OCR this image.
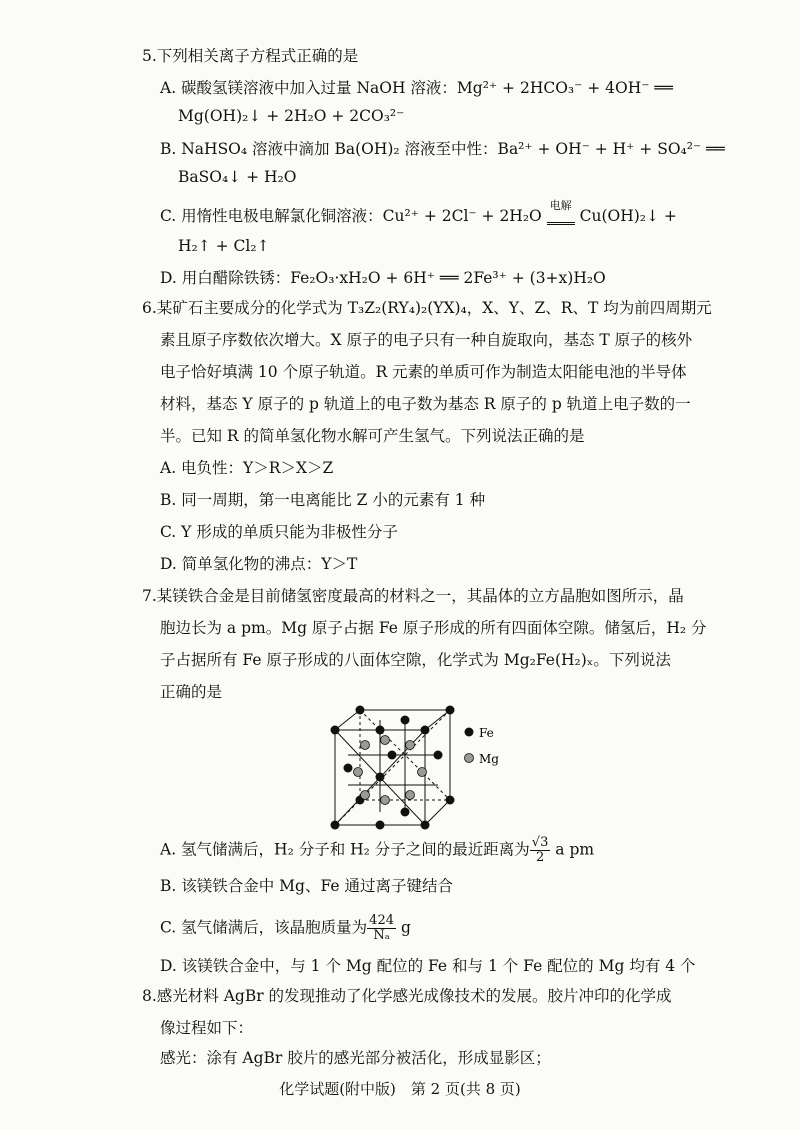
5.下列相关离子方程式正确的是
A. 碳酸氢镁溶液中加入过量 NaOH 溶液：Mg²⁺ + 2HCO₃⁻ + 4OH⁻ ══
Mg(OH)₂↓ + 2H₂O + 2CO₃²⁻
B. NaHSO₄ 溶液中滴加 Ba(OH)₂ 溶液至中性：Ba²⁺ + OH⁻ + H⁺ + SO₄²⁻ ══
BaSO₄↓ + H₂O
C. 用惰性电极电解氯化铜溶液：Cu²⁺ + 2Cl⁻ + 2H₂O $^{电解}$ Cu(OH)₂↓ +
H₂↑ + Cl₂↑
D. 用白醋除铁锈：Fe₂O₃·xH₂O + 6H⁺ ══ 2Fe³⁺ + (3+x)H₂O
6.某矿石主要成分的化学式为 T₃Z₂(RY₄)₂(YX)₄，X、Y、Z、R、T 均为前四周期元
素且原子序数依次增大。X 原子的电子只有一种自旋取向，基态 T 原子的核外
电子恰好填满 10 个原子轨道。R 元素的单质可作为制造太阳能电池的半导体
材料，基态 Y 原子的 p 轨道上的电子数为基态 R 原子的 p 轨道上电子数的一
半。已知 R 的简单氢化物水解可产生氢气。下列说法正确的是
A. 电负性：Y＞R＞X＞Z
B. 同一周期，第一电离能比 Z 小的元素有 1 种
C. Y 形成的单质只能为非极性分子
D. 简单氢化物的沸点：Y＞T
7.某镁铁合金是目前储氢密度最高的材料之一，其晶体的立方晶胞如图所示，晶
胞边长为 a pm。Mg 原子占据 Fe 原子形成的所有四面体空隙。储氢后，H₂ 分
子占据所有 Fe 原子形成的八面体空隙，化学式为 Mg₂Fe(H₂)ₓ。下列说法
正确的是
Fe
Mg
A. 氢气储满后，H₂ 分子和 H₂ 分子之间的最近距离为 $\frac{√3}{2}$ a pm
B. 该镁铁合金中 Mg、Fe 通过离子键结合
C. 氢气储满后，该晶胞质量为 $\frac{424}{\text{Nₐ}}$ g
D. 该镁铁合金中，与 1 个 Mg 配位的 Fe 和与 1 个 Fe 配位的 Mg 均有 4 个
8.感光材料 AgBr 的发现推动了化学感光成像技术的发展。胶片冲印的化学成
像过程如下：
感光：涂有 AgBr 胶片的感光部分被活化，形成显影区；
化学试题(附中版)　第 2 页(共 8 页)
